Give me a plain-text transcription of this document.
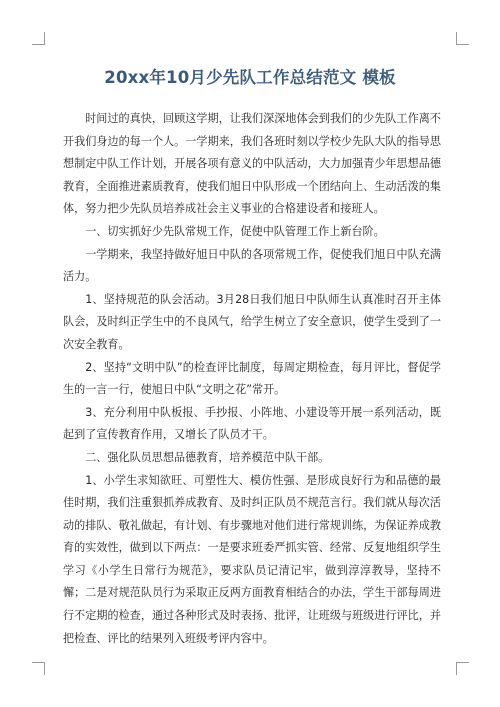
20xx年10月少先队工作总结范文 模板

时间过的真快，回顾这学期，让我们深深地体会到我们的少先队工作离不开我们身边的每一个人。一学期来，我们各班时刻以学校少先队大队的指导思想制定中队工作计划，开展各项有意义的中队活动，大力加强青少年思想品德教育，全面推进素质教育，使我们旭日中队形成一个团结向上、生动活泼的集体，努力把少先队员培养成社会主义事业的合格建设者和接班人。

一、切实抓好少先队常规工作，促使中队管理工作上新台阶。

一学期来，我坚持做好旭日中队的各项常规工作，促使我们旭日中队充满活力。

1、坚持规范的队会活动。3月28日我们旭日中队师生认真准时召开主体队会，及时纠正学生中的不良风气，给学生树立了安全意识，使学生受到了一次安全教育。

2、坚持“文明中队”的检查评比制度，每周定期检查，每月评比，督促学生的一言一行，使旭日中队“文明之花”常开。

3、充分利用中队板报、手抄报、小阵地、小建设等开展一系列活动，既起到了宣传教育作用，又增长了队员才干。

二、强化队员思想品德教育，培养模范中队干部。

1、小学生求知欲旺、可塑性大、模仿性强、是形成良好行为和品德的最佳时期，我们注重狠抓养成教育、及时纠正队员不规范言行。我们就从每次活动的排队、敬礼做起，有计划、有步骤地对他们进行常规训练，为保证养成教育的实效性，做到以下两点：一是要求班委严抓实管、经常、反复地组织学生学习《小学生日常行为规范》，要求队员记清记牢，做到淳淳教导，坚持不懈；二是对规范队员行为采取正反两方面教育相结合的办法，学生干部每周进行不定期的检查，通过各种形式及时表扬、批评，让班级与班级进行评比，并把检查、评比的结果列入班级考评内容中。
